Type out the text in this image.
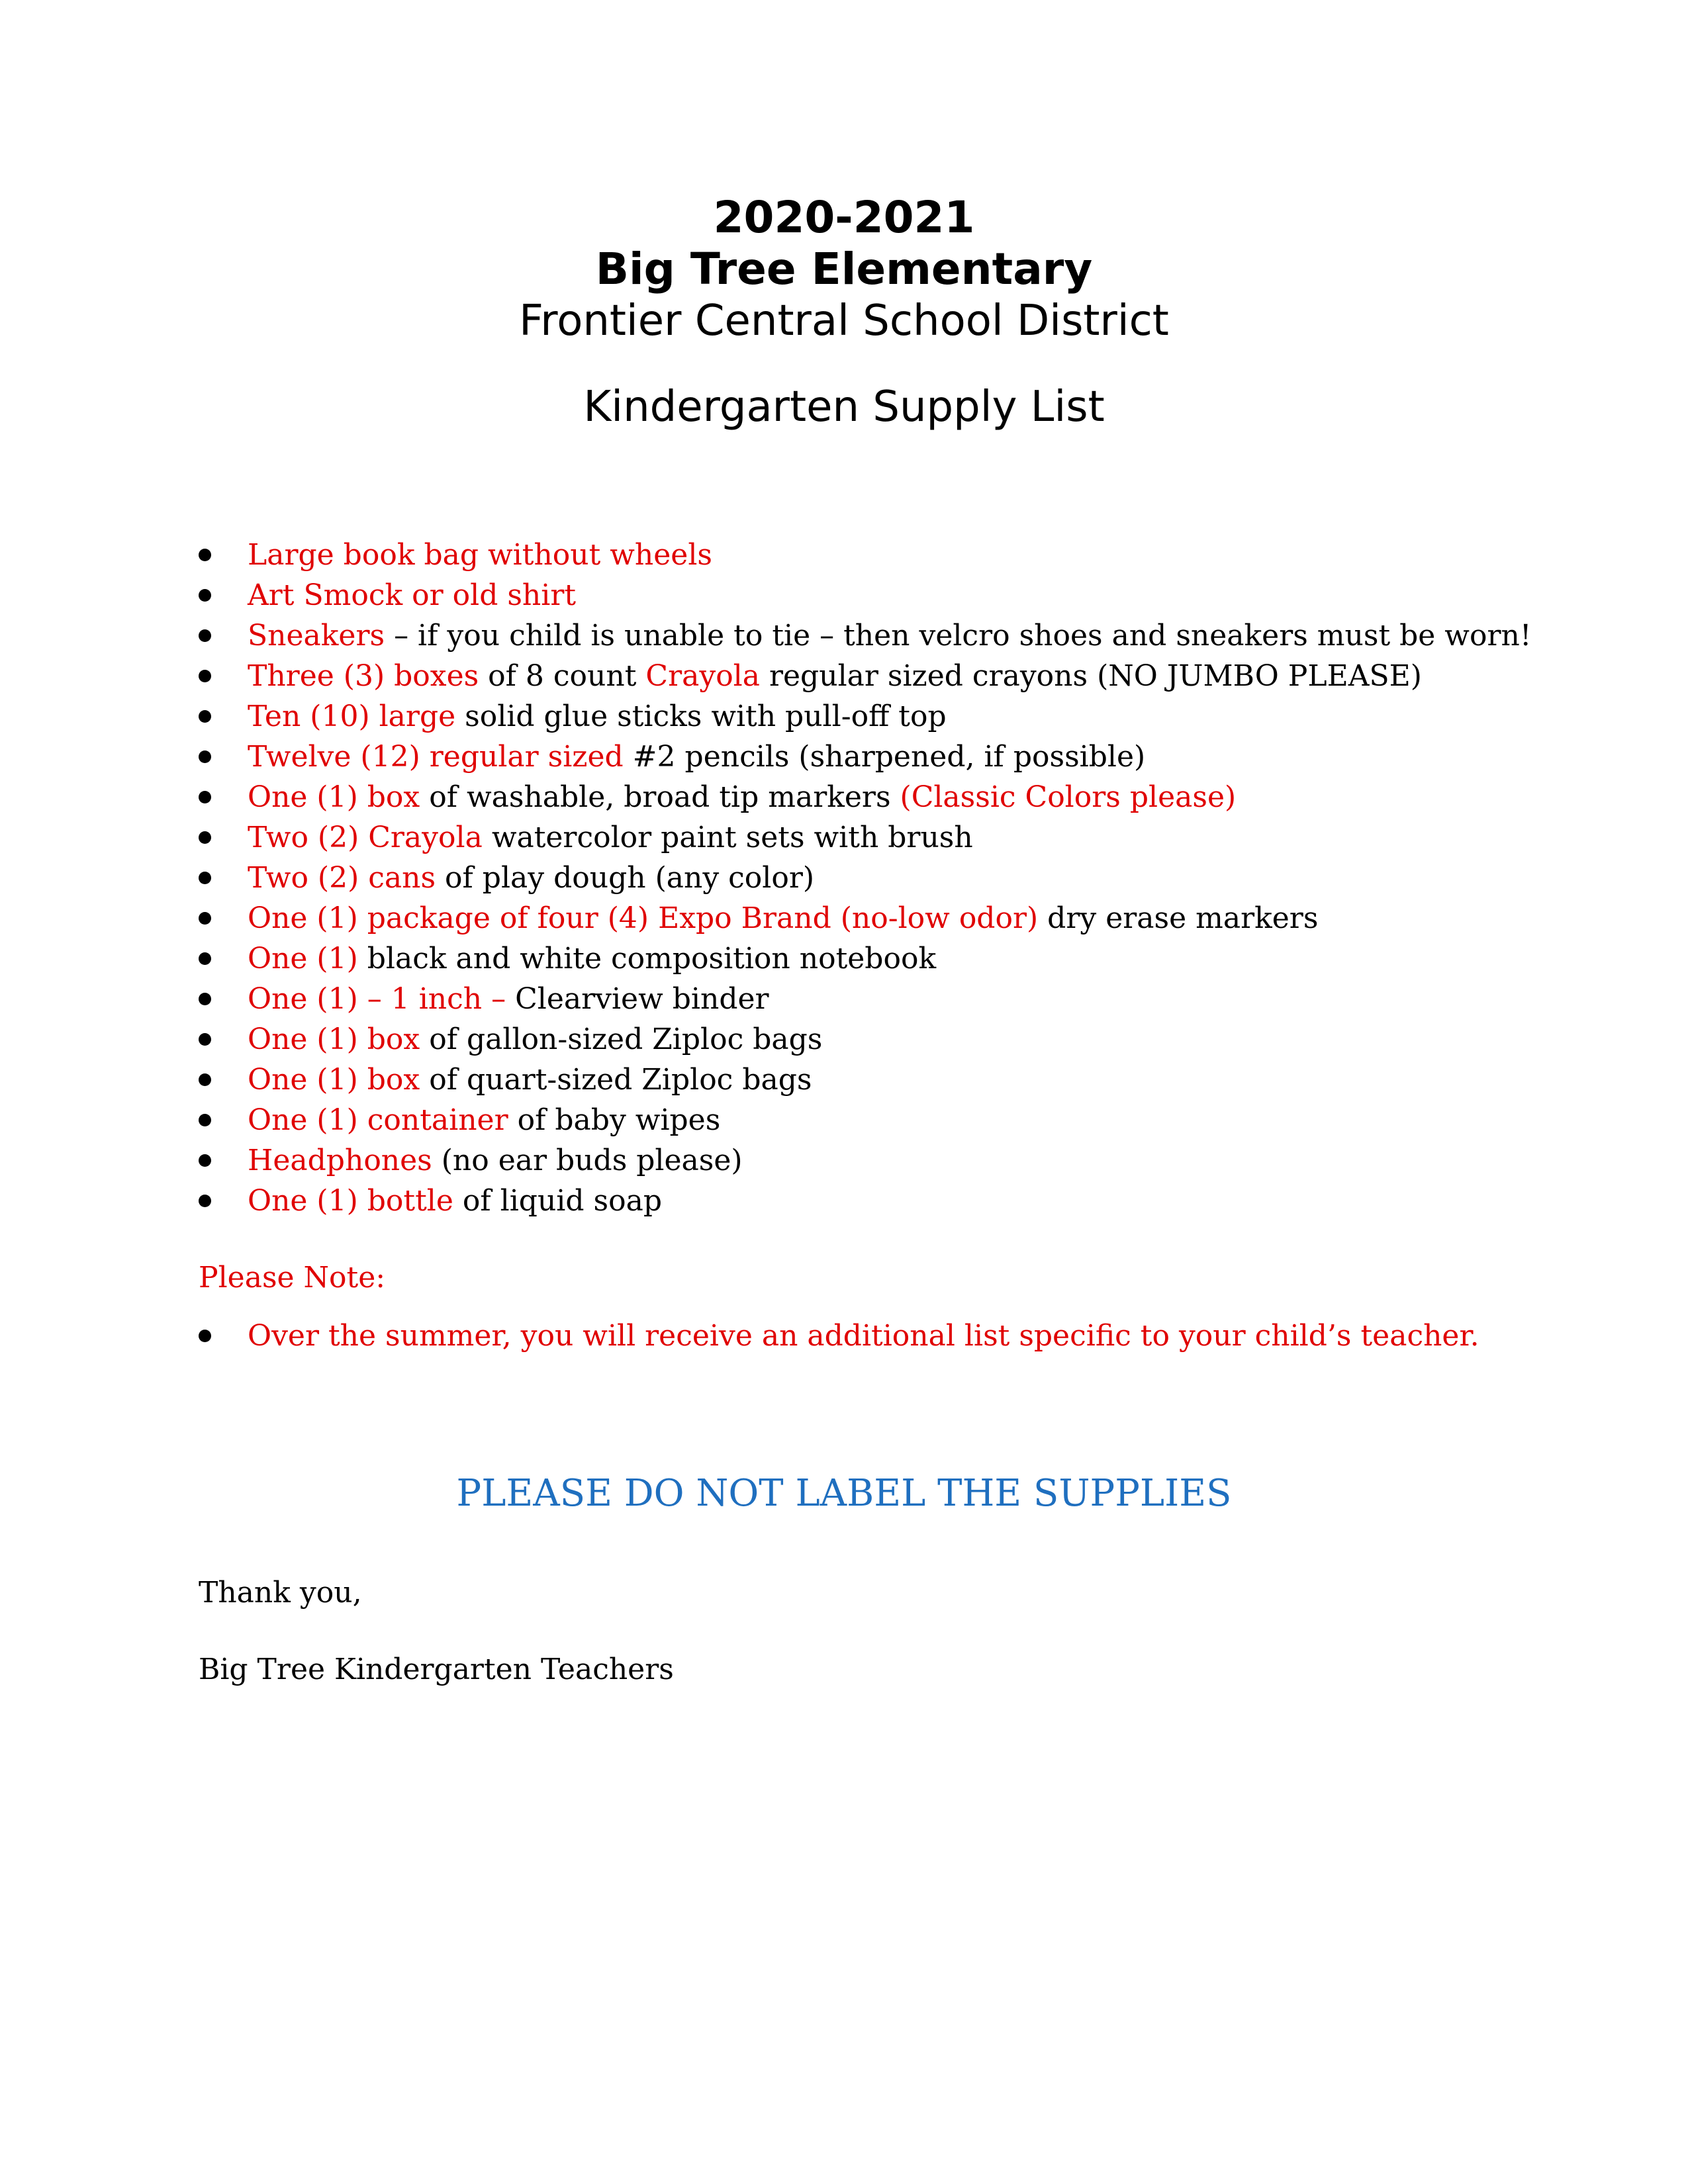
2020-2021
Big Tree Elementary
Frontier Central School District
Kindergarten Supply List
Large book bag without wheels
Art Smock or old shirt
Sneakers – if you child is unable to tie – then velcro shoes and sneakers must be worn!
Three (3) boxes of 8 count Crayola regular sized crayons (NO JUMBO PLEASE)
Ten (10) large solid glue sticks with pull-off top
Twelve (12) regular sized #2 pencils (sharpened, if possible)
One (1) box of washable, broad tip markers (Classic Colors please)
Two (2) Crayola watercolor paint sets with brush
Two (2) cans of play dough (any color)
One (1) package of four (4) Expo Brand (no-low odor) dry erase markers
One (1) black and white composition notebook
One (1) – 1 inch – Clearview binder
One (1) box of gallon-sized Ziploc bags
One (1) box of quart-sized Ziploc bags
One (1) container of baby wipes
Headphones (no ear buds please)
One (1) bottle of liquid soap
Please Note:
Over the summer, you will receive an additional list specific to your child’s teacher.
PLEASE DO NOT LABEL THE SUPPLIES
Thank you,
Big Tree Kindergarten Teachers
